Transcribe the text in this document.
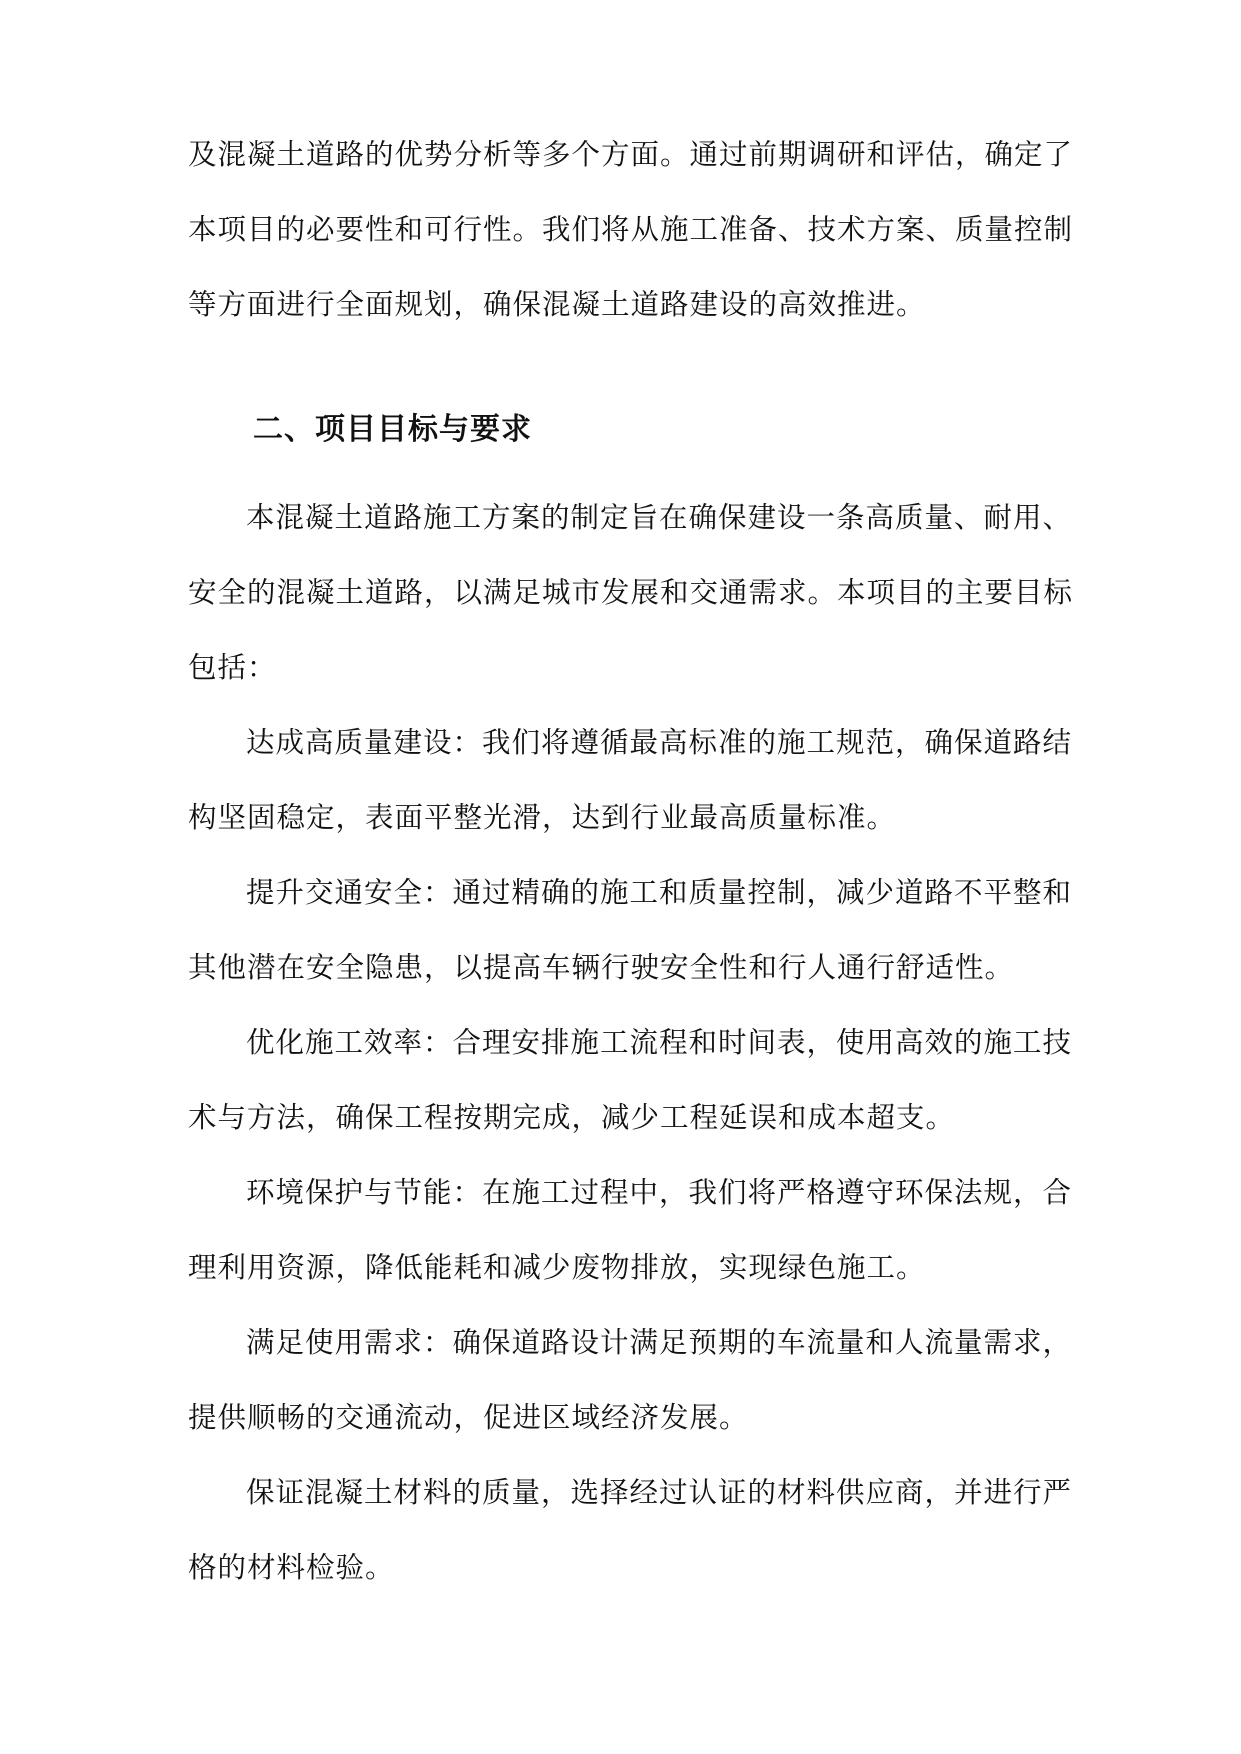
及混凝土道路的优势分析等多个方面。通过前期调研和评估，确定了

本项目的必要性和可行性。我们将从施工准备、技术方案、质量控制

等方面进行全面规划，确保混凝土道路建设的高效推进。

二、项目目标与要求

本混凝土道路施工方案的制定旨在确保建设一条高质量、耐用、

安全的混凝土道路，以满足城市发展和交通需求。本项目的主要目标

包括：

达成高质量建设：我们将遵循最高标准的施工规范，确保道路结

构坚固稳定，表面平整光滑，达到行业最高质量标准。

提升交通安全：通过精确的施工和质量控制，减少道路不平整和

其他潜在安全隐患，以提高车辆行驶安全性和行人通行舒适性。

优化施工效率：合理安排施工流程和时间表，使用高效的施工技

术与方法，确保工程按期完成，减少工程延误和成本超支。

环境保护与节能：在施工过程中，我们将严格遵守环保法规，合

理利用资源，降低能耗和减少废物排放，实现绿色施工。

满足使用需求：确保道路设计满足预期的车流量和人流量需求，

提供顺畅的交通流动，促进区域经济发展。

保证混凝土材料的质量，选择经过认证的材料供应商，并进行严

格的材料检验。
